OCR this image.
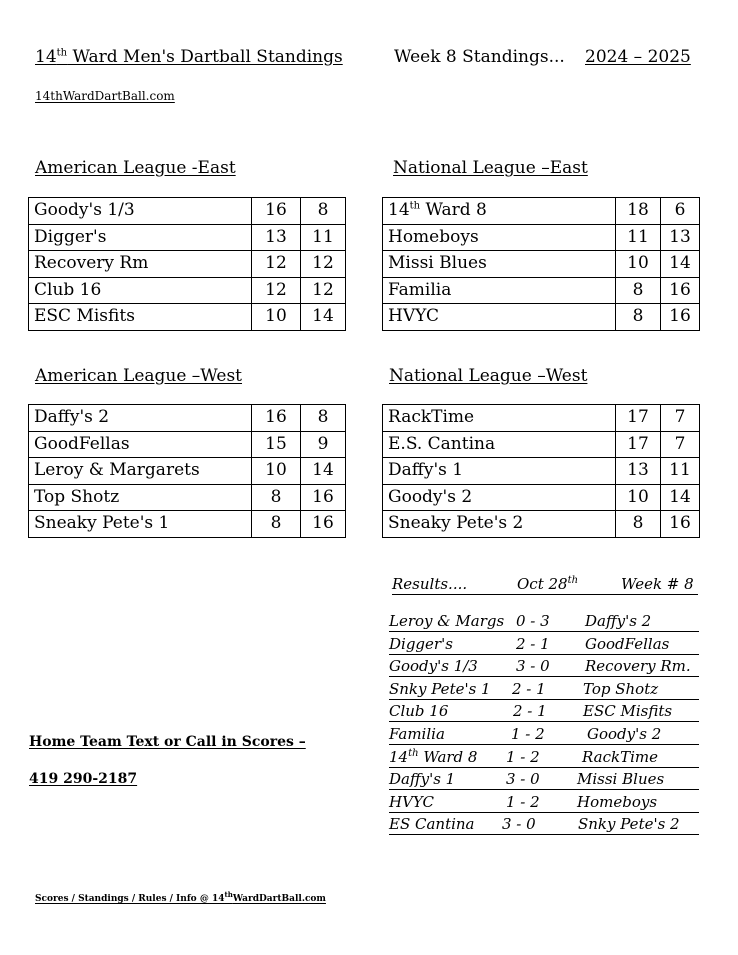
14th Ward Men's Dartball Standings	Week 8 Standings... 2024 – 2025
14thWardDartBall.com
American League -East	National League –East
American League –West	National League –West
Goody's 1/3	16	8
Digger's	13	11
Recovery Rm	12	12
Club 16	12	12
ESC Misfits	10	14
14th Ward 8	18	6
Homeboys	11	13
Missi Blues	10	14
Familia	8	16
HVYC	8	16
Daffy's 2	16	8
GoodFellas	15	9
Leroy & Margarets	10	14
Top Shotz	8	16
Sneaky Pete's 1	8	16
RackTime	17	7
E.S. Cantina	17	7
Daffy's 1	13	11
Goody's 2	10	14
Sneaky Pete's 2	8	16
Results....	Oct 28th	Week # 8
Leroy & Margs 0 - 3 Daffy's 2
Digger's	2 - 1 GoodFellas
Goody's 1/3	3 - 0 Recovery Rm.
Snky Pete's 1 2 - 1 Top Shotz
Club 16	2 - 1 ESC Misfits
Familia	1 - 2	Goody's 2
14th Ward 8 1 - 2	RackTime
Daffy's 1	3 - 0 Missi Blues
HVYC	1 - 2 Homeboys
ES Cantina 3 - 0	Snky Pete's 2
Home Team Text or Call in Scores –
419 290-2187
Scores / Standings / Rules / Info @ 14thWardDartBall.com
